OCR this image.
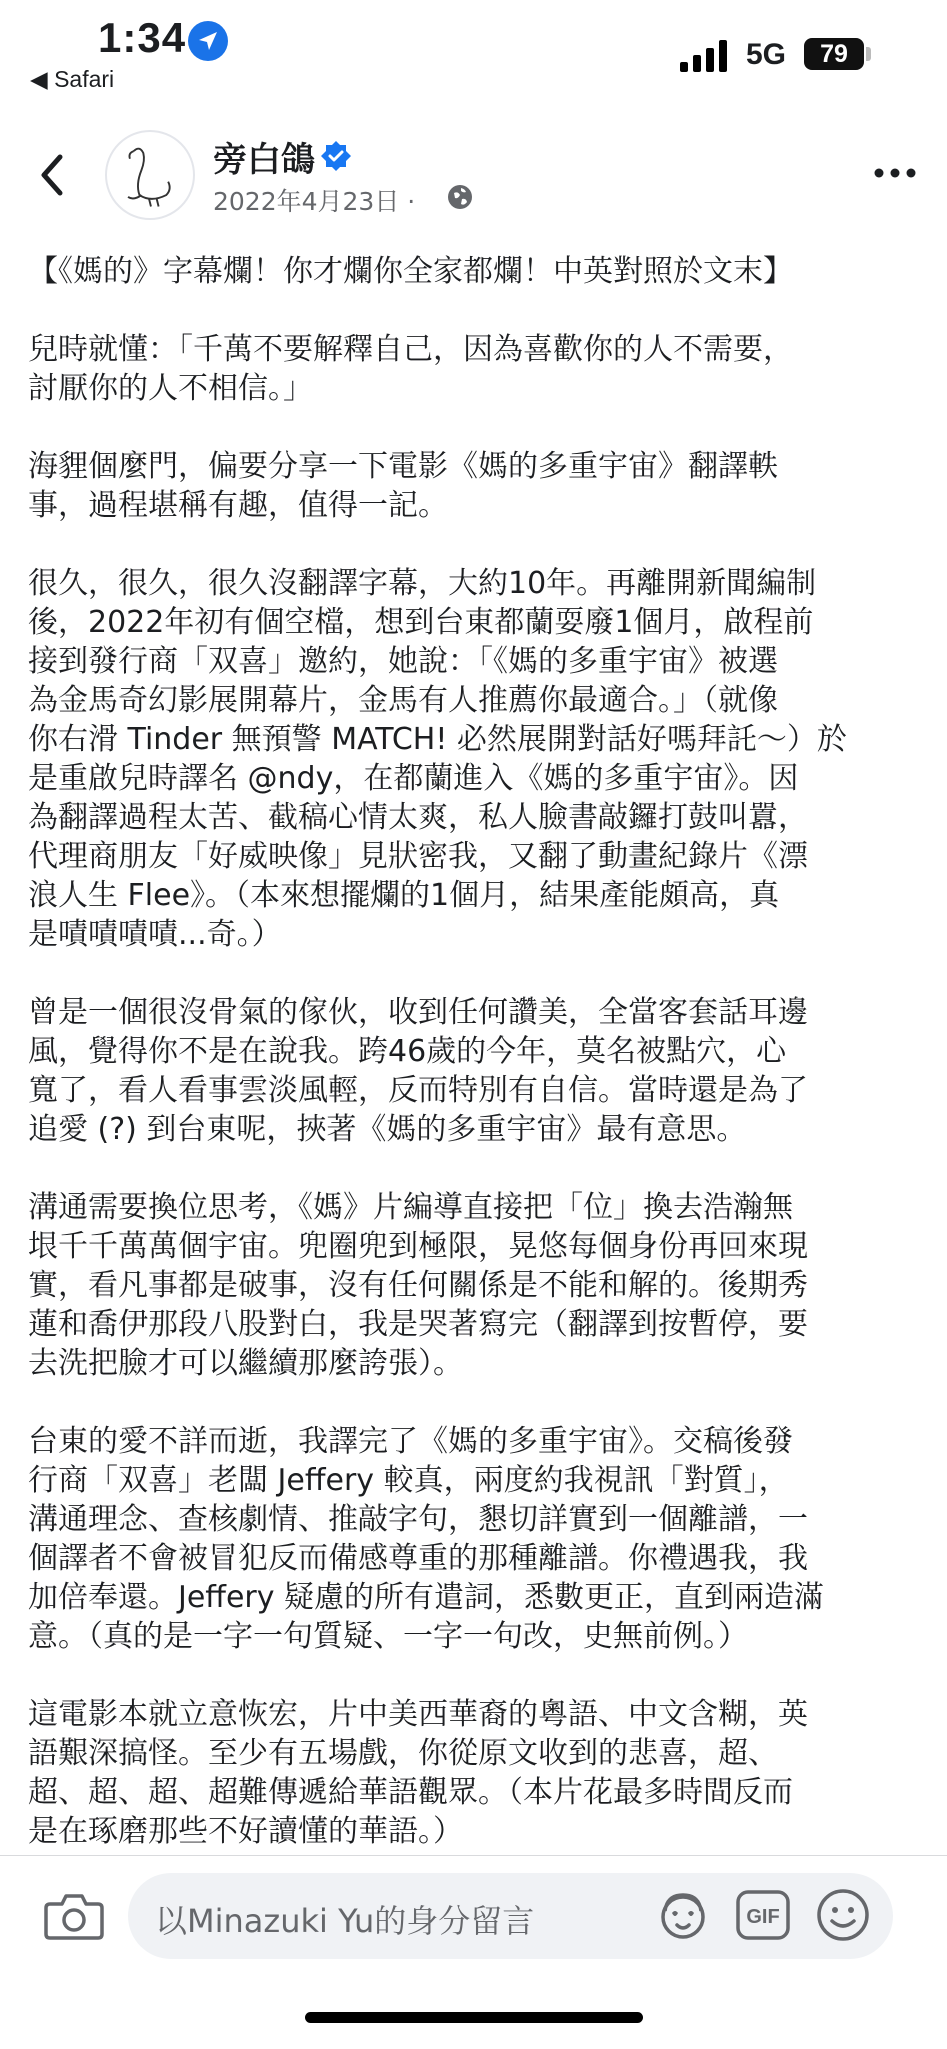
1:34
◀ Safari
5G	79
旁白鴿
2022年4月23日 ·

【《媽的》字幕爛！你才爛你全家都爛！中英對照於文末】

兒時就懂：「千萬不要解釋自己，因為喜歡你的人不需要，
討厭你的人不相信。」

海貍個麼門，偏要分享一下電影《媽的多重宇宙》翻譯軼
事，過程堪稱有趣，值得一記。

很久，很久，很久沒翻譯字幕，大約10年。再離開新聞編制
後，2022年初有個空檔，想到台東都蘭耍廢1個月，啟程前
接到發行商「双喜」邀約，她說：「《媽的多重宇宙》被選
為金馬奇幻影展開幕片，金馬有人推薦你最適合。」（就像
你右滑 Tinder 無預警 MATCH! 必然展開對話好嗎拜託～）於
是重啟兒時譯名 @ndy，在都蘭進入《媽的多重宇宙》。因
為翻譯過程太苦、截稿心情太爽，私人臉書敲鑼打鼓叫囂，
代理商朋友「好威映像」見狀密我，又翻了動畫紀錄片《漂
浪人生 Flee》。（本來想擺爛的1個月，結果產能頗高，真
是嘖嘖嘖嘖...奇。）

曾是一個很沒骨氣的傢伙，收到任何讚美，全當客套話耳邊
風，覺得你不是在說我。跨46歲的今年，莫名被點穴，心
寬了，看人看事雲淡風輕，反而特別有自信。當時還是為了
追愛 (?) 到台東呢，挾著《媽的多重宇宙》最有意思。

溝通需要換位思考，《媽》片編導直接把「位」換去浩瀚無
垠千千萬萬個宇宙。兜圈兜到極限，晃悠每個身份再回來現
實，看凡事都是破事，沒有任何關係是不能和解的。後期秀
蓮和喬伊那段八股對白，我是哭著寫完（翻譯到按暫停，要
去洗把臉才可以繼續那麼誇張）。

台東的愛不詳而逝，我譯完了《媽的多重宇宙》。交稿後發
行商「双喜」老闆 Jeffery 較真，兩度約我視訊「對質」，
溝通理念、查核劇情、推敲字句，懇切詳實到一個離譜，一
個譯者不會被冒犯反而備感尊重的那種離譜。你禮遇我，我
加倍奉還。Jeffery 疑慮的所有遣詞，悉數更正，直到兩造滿
意。（真的是一字一句質疑、一字一句改，史無前例。）

這電影本就立意恢宏，片中美西華裔的粵語、中文含糊，英
語艱深搞怪。至少有五場戲，你從原文收到的悲喜，超、
超、超、超、超難傳遞給華語觀眾。（本片花最多時間反而
是在琢磨那些不好讀懂的華語。）

以Minazuki Yu的身分留言	GIF
